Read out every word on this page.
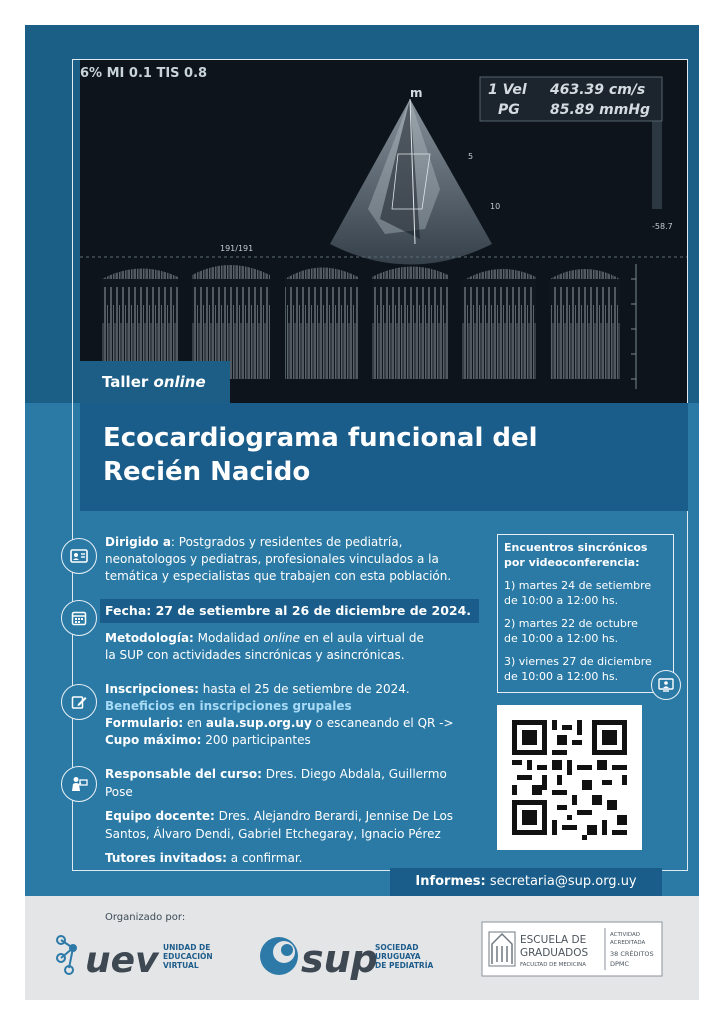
6% MI 0.1 TIS 0.8
1 Vel 463.39 cm/s
PG 85.89 mmHg
m
5
10
-58.7
191/191
Taller online
Ecocardiograma funcional del Recién Nacido
Dirigido a: Postgrados y residentes de pediatría,
neonatologos y pediatras, profesionales vinculados a la
temática y especialistas que trabajen con esta población.
Fecha: 27 de setiembre al 26 de diciembre de 2024.
Metodología: Modalidad online en el aula virtual de
la SUP con actividades sincrónicas y asincrónicas.
Inscripciones: hasta el 25 de setiembre de 2024.
Beneficios en inscripciones grupales
Formulario: en aula.sup.org.uy o escaneando el QR ->
Cupo máximo: 200 participantes
Responsable del curso: Dres. Diego Abdala, Guillermo Pose
Equipo docente: Dres. Alejandro Berardi, Jennise De Los
Santos, Álvaro Dendi, Gabriel Etchegaray, Ignacio Pérez
Tutores invitados: a confirmar.
Encuentros sincrónicos
por videoconferencia:
1) martes 24 de setiembre
de 10:00 a 12:00 hs.
2) martes 22 de octubre
de 10:00 a 12:00 hs.
3) viernes 27 de diciembre
de 10:00 a 12:00 hs.
Informes: secretaria@sup.org.uy
Organizado por:
uev UNIDAD DE
EDUCACIÓN
VIRTUAL	sup
SOCIEDAD
URUGUAYA
DE PEDIATRÍA
ESCUELA DE
GRADUADOS
FACULTAD DE MEDICINA
ACTIVIDAD
ACREDITADA
38 CRÉDITOS
DPMC
